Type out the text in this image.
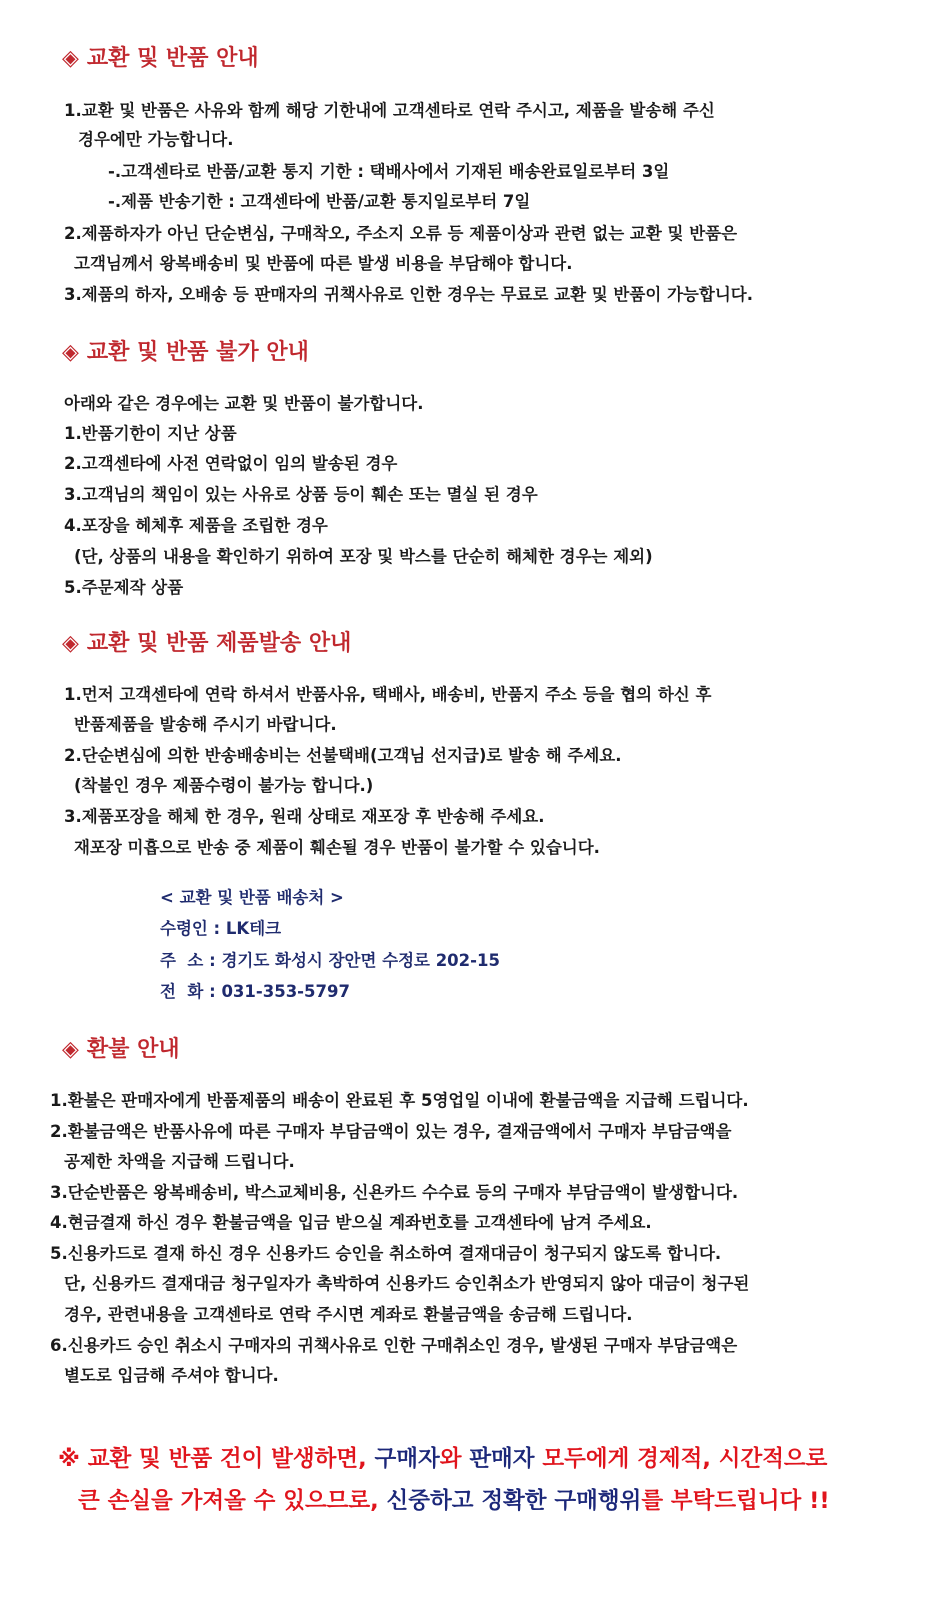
◈ 교환 및 반품 안내
1.교환 및 반품은 사유와 함께 해당 기한내에 고객센타로 연락 주시고, 제품을 발송해 주신
경우에만 가능합니다.
-.고객센타로 반품/교환 통지 기한 : 택배사에서 기재된 배송완료일로부터 3일
-.제품 반송기한 : 고객센타에 반품/교환 통지일로부터 7일
2.제품하자가 아닌 단순변심, 구매착오, 주소지 오류 등 제품이상과 관련 없는 교환 및 반품은
고객님께서 왕복배송비 및 반품에 따른 발생 비용을 부담해야 합니다.
3.제품의 하자, 오배송 등 판매자의 귀책사유로 인한 경우는 무료로 교환 및 반품이 가능합니다.
◈ 교환 및 반품 불가 안내
아래와 같은 경우에는 교환 및 반품이 불가합니다.
1.반품기한이 지난 상품
2.고객센타에 사전 연락없이 임의 발송된 경우
3.고객님의 책임이 있는 사유로 상품 등이 훼손 또는 멸실 된 경우
4.포장을 헤체후 제품을 조립한 경우
(단, 상품의 내용을 확인하기 위하여 포장 및 박스를 단순히 해체한 경우는 제외)
5.주문제작 상품
◈ 교환 및 반품 제품발송 안내
1.먼저 고객센타에 연락 하셔서 반품사유, 택배사, 배송비, 반품지 주소 등을 협의 하신 후
반품제품을 발송해 주시기 바랍니다.
2.단순변심에 의한 반송배송비는 선불택배(고객님 선지급)로 발송 해 주세요.
(착불인 경우 제품수령이 불가능 합니다.)
3.제품포장을 해체 한 경우, 원래 상태로 재포장 후 반송해 주세요.
재포장 미흡으로 반송 중 제품이 훼손될 경우 반품이 불가할 수 있습니다.
< 교환 및 반품 배송처 >
수령인 : LK테크
주  소 : 경기도 화성시 장안면 수정로 202-15
전  화 : 031-353-5797
◈ 환불 안내
1.환불은 판매자에게 반품제품의 배송이 완료된 후 5영업일 이내에 환불금액을 지급해 드립니다.
2.환불금액은 반품사유에 따른 구매자 부담금액이 있는 경우, 결재금액에서 구매자 부담금액을
공제한 차액을 지급해 드립니다.
3.단순반품은 왕복배송비, 박스교체비용, 신욘카드 수수료 등의 구매자 부담금액이 발생합니다.
4.현금결재 하신 경우 환불금액을 입금 받으실 계좌번호를 고객센타에 남겨 주세요.
5.신용카드로 결재 하신 경우 신용카드 승인을 취소하여 결재대금이 청구되지 않도록 합니다.
단, 신용카드 결재대금 청구일자가 촉박하여 신용카드 승인취소가 반영되지 않아 대금이 청구된
경우, 관련내용을 고객센타로 연락 주시면 계좌로 환불금액을 송금해 드립니다.
6.신용카드 승인 취소시 구매자의 귀책사유로 인한 구매취소인 경우, 발생된 구매자 부담금액은
별도로 입금해 주셔야 합니다.
※ 교환 및 반품 건이 발생하면, 구매자와 판매자 모두에게 경제적, 시간적으로
큰 손실을 가져올 수 있으므로, 신중하고 정확한 구매행위를 부탁드립니다 !!
